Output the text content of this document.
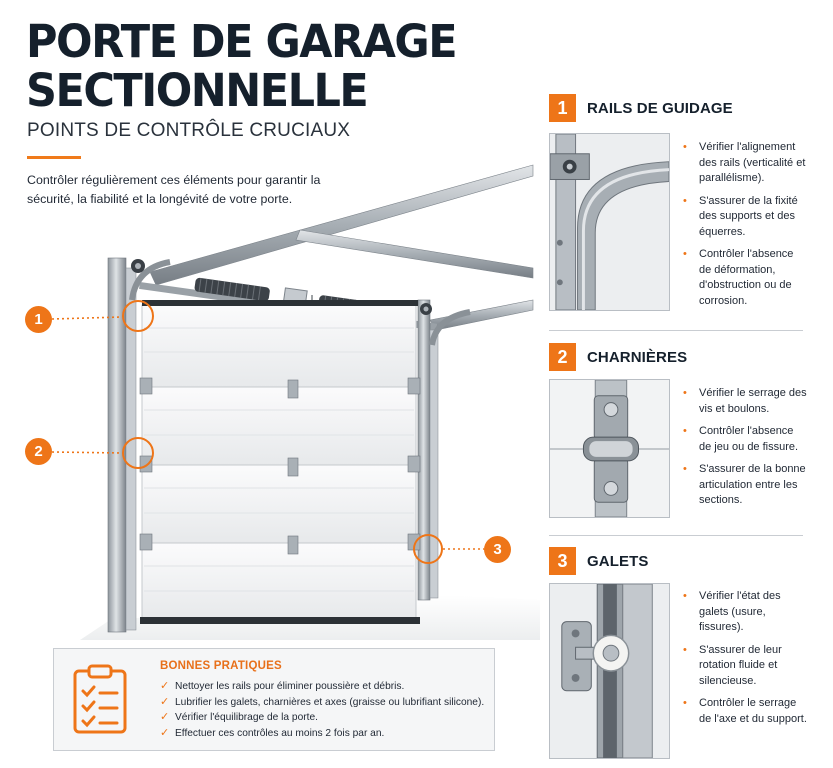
PORTE DE GARAGE
SECTIONNELLE
POINTS DE CONTRÔLE CRUCIAUX
Contrôler régulièrement ces éléments pour garantir la sécurité, la fiabilité et la longévité de votre porte.
1
2
3
1	RAILS DE GUIDAGE
• Vérifier l'alignement des rails (verticalité et parallélisme).
• S'assurer de la fixité des supports et des équerres.
• Contrôler l'absence de déformation, d'obstruction ou de corrosion.
2	CHARNIÈRES
• Vérifier le serrage des vis et boulons.
• Contrôler l'absence de jeu ou de fissure.
• S'assurer de la bonne articulation entre les sections.
3	GALETS
• Vérifier l'état des galets (usure, fissures).
• S'assurer de leur rotation fluide et silencieuse.
• Contrôler le serrage de l'axe et du support.
BONNES PRATIQUES
✓ Nettoyer les rails pour éliminer poussière et débris.
✓ Lubrifier les galets, charnières et axes (graisse ou lubrifiant silicone).
✓ Vérifier l'équilibrage de la porte.
✓ Effectuer ces contrôles au moins 2 fois par an.
